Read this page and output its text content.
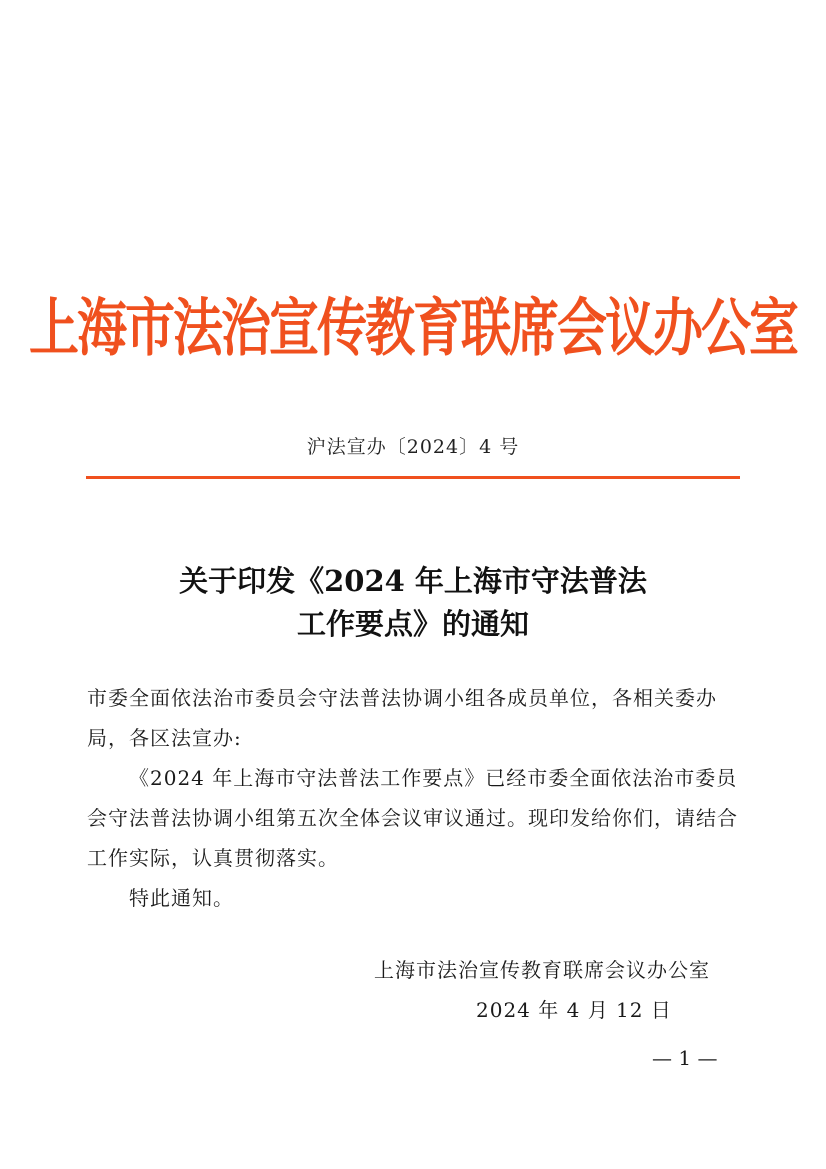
上海市法治宣传教育联席会议办公室
沪法宣办〔2024〕4 号
关于印发《2024 年上海市守法普法
工作要点》的通知
市委全面依法治市委员会守法普法协调小组各成员单位，各相关委办局，各区法宣办:
《2024 年上海市守法普法工作要点》已经市委全面依法治市委员会守法普法协调小组第五次全体会议审议通过。现印发给你们，请结合工作实际，认真贯彻落实。
特此通知。
上海市法治宣传教育联席会议办公室
2024 年 4 月 12 日
— 1 —
